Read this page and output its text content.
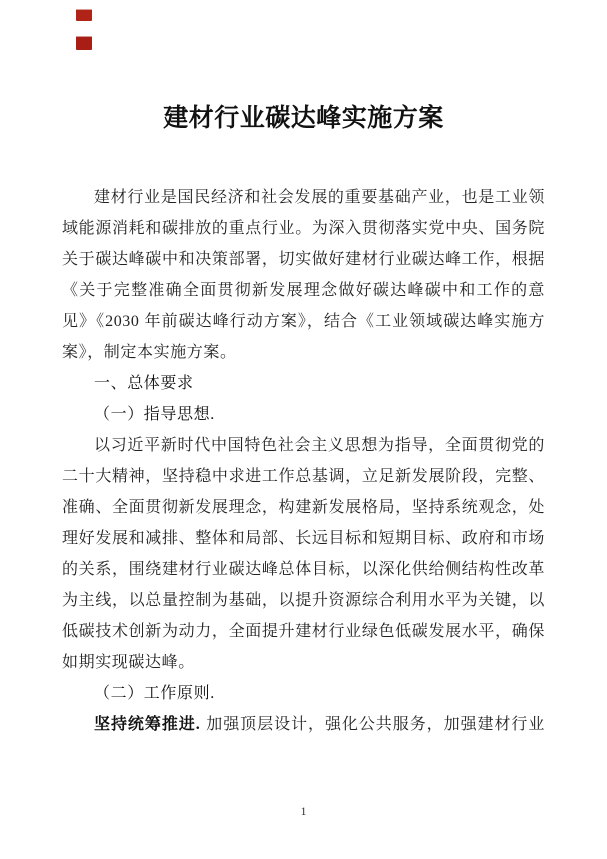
建材行业碳达峰实施方案

建材行业是国民经济和社会发展的重要基础产业，也是工业领域能源消耗和碳排放的重点行业。为深入贯彻落实党中央、国务院关于碳达峰碳中和决策部署，切实做好建材行业碳达峰工作，根据《关于完整准确全面贯彻新发展理念做好碳达峰碳中和工作的意见》《2030 年前碳达峰行动方案》，结合《工业领域碳达峰实施方案》，制定本实施方案。

一、总体要求
（一）指导思想.

以习近平新时代中国特色社会主义思想为指导，全面贯彻党的二十大精神，坚持稳中求进工作总基调，立足新发展阶段，完整、准确、全面贯彻新发展理念，构建新发展格局，坚持系统观念，处理好发展和减排、整体和局部、长远目标和短期目标、政府和市场的关系，围绕建材行业碳达峰总体目标，以深化供给侧结构性改革为主线，以总量控制为基础，以提升资源综合利用水平为关键，以低碳技术创新为动力，全面提升建材行业绿色低碳发展水平，确保如期实现碳达峰。

（二）工作原则.

坚持统筹推进. 加强顶层设计，强化公共服务，加强建材行业

1
